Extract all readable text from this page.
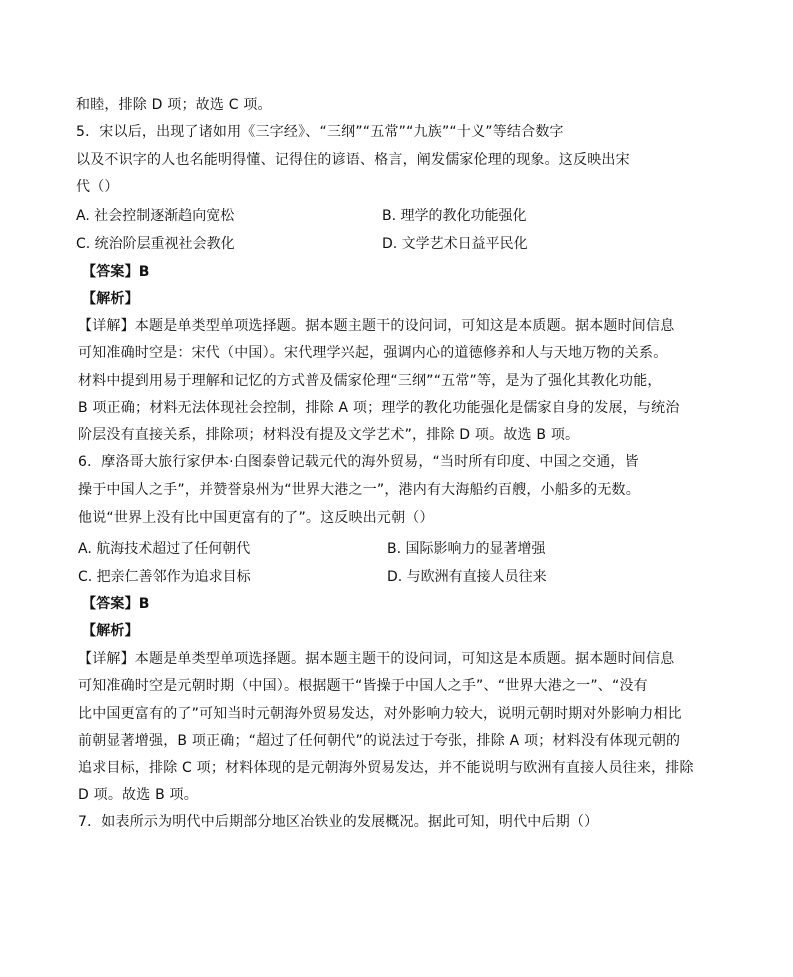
和睦，排除 D 项；故选 C 项。
5．宋以后，出现了诸如用《三字经》、“三纲”“五常”“九族”“十义”等结合数字
以及不识字的人也名能明得懂、记得住的谚语、格言，阐发儒家伦理的现象。这反映出宋
代（）
A. 社会控制逐渐趋向宽松	B. 理学的教化功能强化
C. 统治阶层重视社会教化	D. 文学艺术日益平民化
【答案】B
【解析】
【详解】本题是单类型单项选择题。据本题主题干的设问词，可知这是本质题。据本题时间信息
可知准确时空是：宋代（中国）。宋代理学兴起，强调内心的道德修养和人与天地万物的关系。
材料中提到用易于理解和记忆的方式普及儒家伦理“三纲”“五常”等，是为了强化其教化功能，
B 项正确；材料无法体现社会控制，排除 A 项；理学的教化功能强化是儒家自身的发展，与统治
阶层没有直接关系，排除项；材料没有提及文学艺术”，排除 D 项。故选 B 项。
6．摩洛哥大旅行家伊本·白图泰曾记载元代的海外贸易，“当时所有印度、中国之交通，皆
操于中国人之手”，并赞誉泉州为“世界大港之一”，港内有大海船约百艘，小船多的无数。
他说“世界上没有比中国更富有的了”。这反映出元朝（）
A. 航海技术超过了任何朝代	B. 国际影响力的显著增强
C. 把亲仁善邻作为追求目标	D. 与欧洲有直接人员往来
【答案】B
【解析】
【详解】本题是单类型单项选择题。据本题主题干的设问词，可知这是本质题。据本题时间信息
可知准确时空是元朝时期（中国）。根据题干“皆操于中国人之手”、“世界大港之一”、“没有
比中国更富有的了”可知当时元朝海外贸易发达，对外影响力较大，说明元朝时期对外影响力相比
前朝显著增强，B 项正确；“超过了任何朝代”的说法过于夸张，排除 A 项；材料没有体现元朝的
追求目标，排除 C 项；材料体现的是元朝海外贸易发达，并不能说明与欧洲有直接人员往来，排除
D 项。故选 B 项。
7．如表所示为明代中后期部分地区冶铁业的发展概况。据此可知，明代中后期（）
